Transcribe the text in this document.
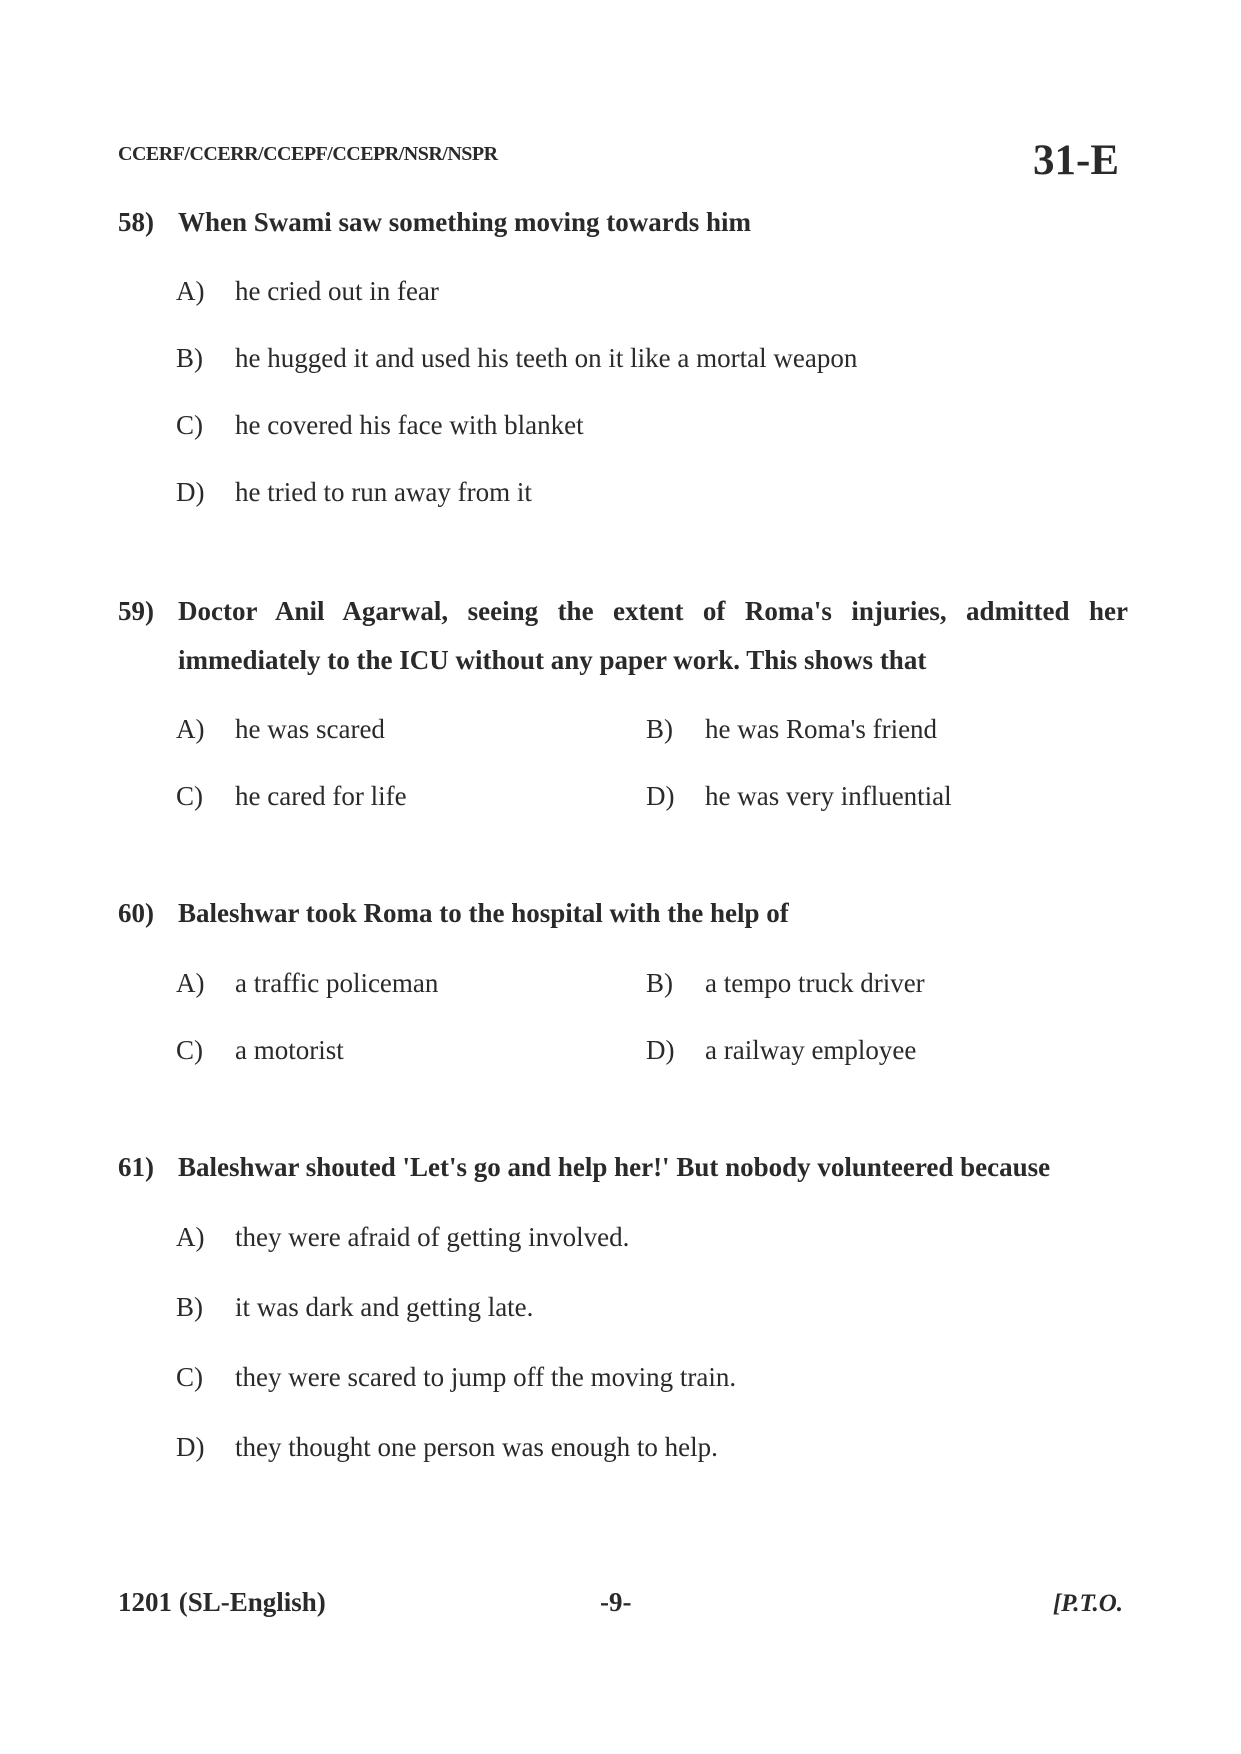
CCERF/CCERR/CCEPF/CCEPR/NSR/NSPR	31-E
58) When Swami saw something moving towards him
A) he cried out in fear
B) he hugged it and used his teeth on it like a mortal weapon
C) he covered his face with blanket
D) he tried to run away from it
59) Doctor Anil Agarwal, seeing the extent of Roma's injuries, admitted her immediately to the ICU without any paper work. This shows that
A) he was scared	B) he was Roma's friend
C) he cared for life	D) he was very influential
60) Baleshwar took Roma to the hospital with the help of
A) a traffic policeman	B) a tempo truck driver
C) a motorist	D) a railway employee
61) Baleshwar shouted 'Let's go and help her!' But nobody volunteered because
A) they were afraid of getting involved.
B) it was dark and getting late.
C) they were scared to jump off the moving train.
D) they thought one person was enough to help.
1201 (SL-English)	-9-	[P.T.O.
